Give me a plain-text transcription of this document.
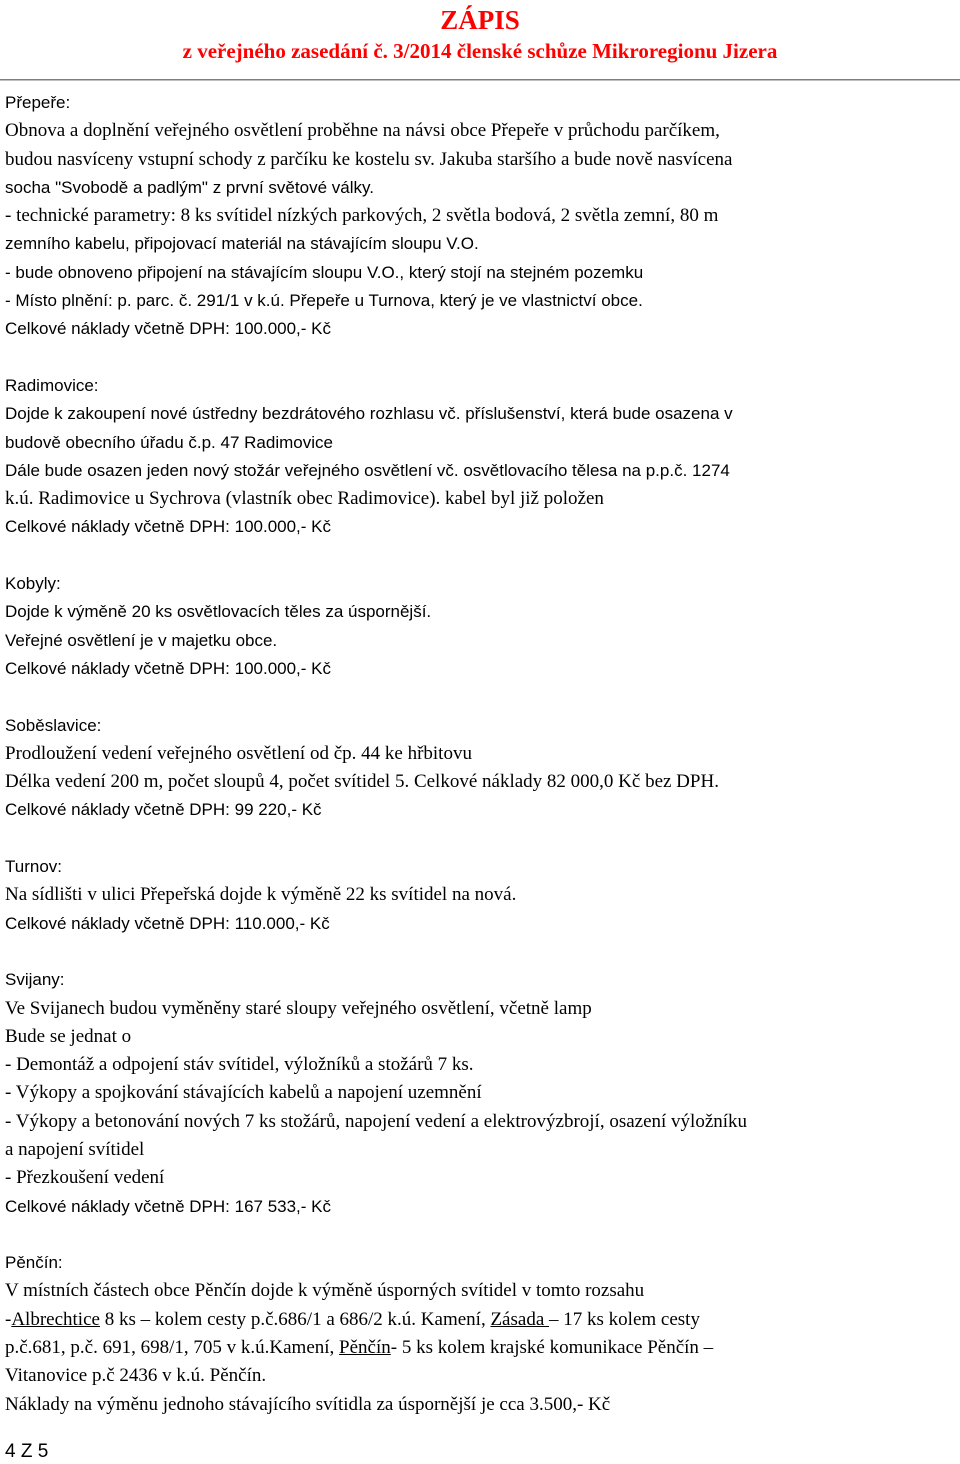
ZÁPIS
z veřejného zasedání č. 3/2014 členské schůze Mikroregionu Jizera
Přepeře:
Obnova a doplnění veřejného osvětlení proběhne na návsi obce Přepeře v průchodu parčíkem,
budou nasvíceny vstupní schody z parčíku ke kostelu sv. Jakuba staršího a bude nově nasvícena
socha "Svobodě a padlým" z první světové války.
- technické parametry: 8 ks svítidel nízkých parkových, 2 světla bodová, 2 světla zemní, 80 m
zemního kabelu, připojovací materiál na stávajícím sloupu V.O.
- bude obnoveno připojení na stávajícím sloupu V.O., který stojí na stejném pozemku
- Místo plnění: p. parc. č. 291/1 v k.ú. Přepeře u Turnova, který je ve vlastnictví obce.
Celkové náklady včetně DPH: 100.000,- Kč
Radimovice:
Dojde k zakoupení nové ústředny bezdrátového rozhlasu vč. příslušenství, která bude osazena v
budově obecního úřadu č.p. 47 Radimovice
Dále bude osazen jeden nový stožár veřejného osvětlení vč. osvětlovacího tělesa na p.p.č. 1274
k.ú. Radimovice u Sychrova (vlastník obec Radimovice). kabel byl již položen
Celkové náklady včetně DPH: 100.000,- Kč
Kobyly:
Dojde k výměně 20 ks osvětlovacích těles za úspornější.
Veřejné osvětlení je v majetku obce.
Celkové náklady včetně DPH: 100.000,- Kč
Soběslavice:
Prodloužení vedení veřejného osvětlení od čp. 44 ke hřbitovu
Délka vedení 200 m, počet sloupů 4, počet svítidel 5. Celkové náklady 82 000,0 Kč bez DPH.
Celkové náklady včetně DPH: 99 220,- Kč
Turnov:
Na sídlišti v ulici Přepeřská dojde k výměně 22 ks svítidel na nová.
Celkové náklady včetně DPH: 110.000,- Kč
Svijany:
Ve Svijanech budou vyměněny staré sloupy veřejného osvětlení, včetně lamp
Bude se jednat o
- Demontáž a odpojení stáv svítidel, výložníků a stožárů 7 ks.
- Výkopy a spojkování stávajících kabelů a napojení uzemnění
- Výkopy a betonování nových 7 ks stožárů, napojení vedení a elektrovýzbrojí, osazení výložníku
a napojení svítidel
- Přezkoušení vedení
Celkové náklady včetně DPH: 167 533,- Kč
Pěnčín:
V místních částech obce Pěnčín dojde k výměně úsporných svítidel v tomto rozsahu
-Albrechtice 8 ks – kolem cesty p.č.686/1 a 686/2 k.ú. Kamení, Zásada – 17 ks kolem cesty
p.č.681, p.č. 691, 698/1, 705 v k.ú.Kamení, Pěnčín- 5 ks kolem krajské komunikace Pěnčín –
Vitanovice p.č 2436 v k.ú. Pěnčín.
Náklady na výměnu jednoho stávajícího svítidla za úspornější je cca 3.500,- Kč
4 Z 5
